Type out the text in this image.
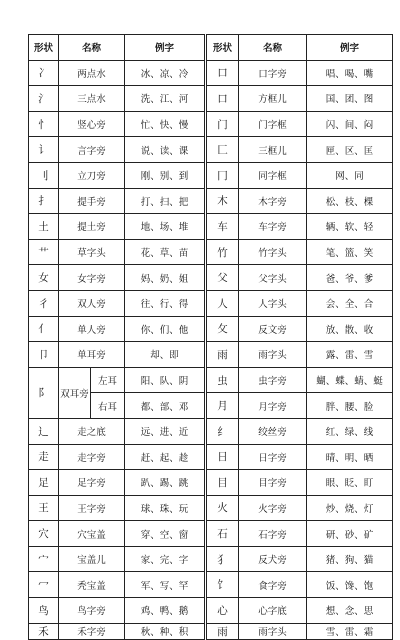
形状	名称		例字
冫	两点水		冰、凉、冷
氵	三点水		洗、江、河
忄	竖心旁		忙、快、慢
讠	言字旁		说、读、课
刂	立刀旁		刚、别、到
扌	提手旁		打、扫、把
土	提土旁		地、场、堆
艹	草字头		花、草、苗
女	女字旁		妈、奶、姐
彳	双人旁		往、行、得
亻	单人旁		你、们、他
卩	单耳旁		却、即
阝	双耳旁	左耳	阳、队、阴
		右耳	都、部、邓
辶	走之底		远、进、近
走	走字旁		赶、起、趁
足	足字旁		趴、踢、跳
王	王字旁		球、珠、玩
穴	穴宝盖		穿、空、窗
宀	宝盖儿		家、完、字
冖	秃宝盖		军、写、罕
鸟	鸟字旁		鸡、鸭、鹅
禾	禾字旁		秋、种、积
形状	名称	例字
口	口字旁	唱、喝、嘴
口	方框儿	国、团、图
门	门字框	闪、间、闷
匚	三框儿	匣、区、匡
冂	同字框	网、同
木	木字旁	松、枝、棵
车	车字旁	辆、软、轻
竹	竹字头	笔、篮、笑
父	父字头	爸、爷、爹
人	人字头	会、全、合
攵	反文旁	放、散、收
雨	雨字头	露、雷、雪
虫	虫字旁	蝴、蝶、蜻、蜓
月	月字旁	胖、腰、脸
纟	绞丝旁	红、绿、线
日	日字旁	晴、明、晒
目	目字旁	眼、眨、盯
火	火字旁	炒、烧、灯
石	石字旁	研、砂、矿
犭	反犬旁	猪、狗、猫
饣	食字旁	饭、馋、饱
心	心字底	想、念、思
雨	雨字头	雪、雷、霜
